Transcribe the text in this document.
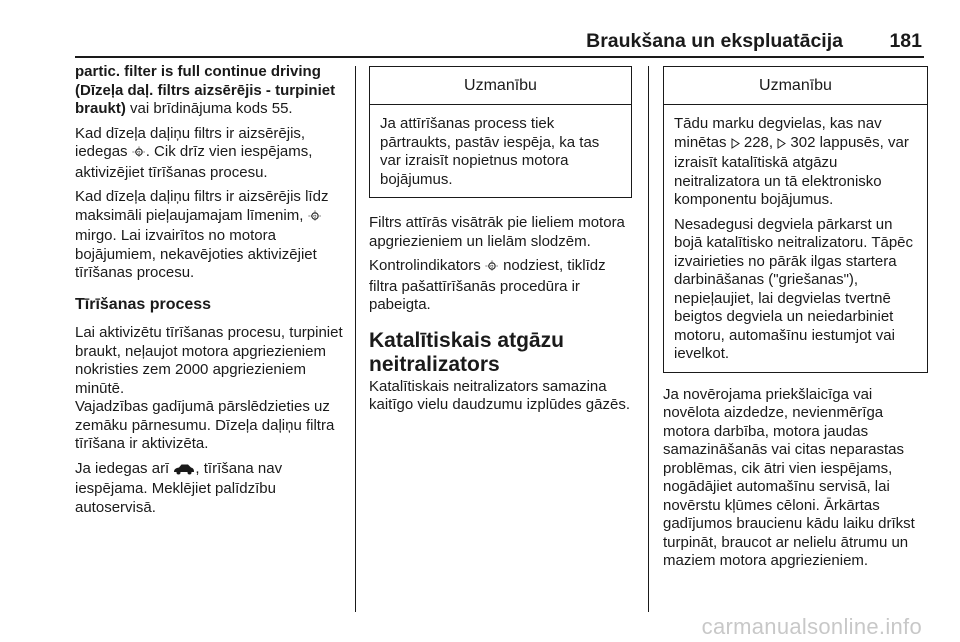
Braukšana un ekspluatācija 181

partic. filter is full continue driving (Dīzeļa daļ. filtrs aizsērējis - turpiniet braukt) vai brīdinājuma kods 55.

Kad dīzeļa daļiņu filtrs ir aizsērējis, iedegas . Cik drīz vien iespējams, aktivizējiet tīrīšanas procesu.

Kad dīzeļa daļiņu filtrs ir aizsērējis līdz maksimāli pieļaujamajam līmenim,  mirgo. Lai izvairītos no motora bojājumiem, nekavējoties aktivizējiet tīrīšanas procesu.

Tīrīšanas process

Lai aktivizētu tīrīšanas procesu, turpiniet braukt, neļaujot motora apgriezieniem nokristies zem 2000 apgriezieniem minūtē.

Vajadzības gadījumā pārslēdzieties uz zemāku pārnesumu. Dīzeļa daļiņu filtra tīrīšana ir aktivizēta.

Ja iedegas arī , tīrīšana nav iespējama. Meklējiet palīdzību autoservisā.

Uzmanību

Ja attīrīšanas process tiek pārtraukts, pastāv iespēja, ka tas var izraisīt nopietnus motora bojājumus.

Filtrs attīrās visātrāk pie lieliem motora apgriezieniem un lielām slodzēm.

Kontrolindikators  nodziest, tiklīdz filtra pašattīrīšanās procedūra ir pabeigta.

Katalītiskais atgāzu neitralizators

Katalītiskais neitralizators samazina kaitīgo vielu daudzumu izplūdes gāzēs.

Uzmanību

Tādu marku degvielas, kas nav minētas  228,  302 lappusēs, var izraisīt katalītiskā atgāzu neitralizatora un tā elektronisko komponentu bojājumus.

Nesadegusi degviela pārkarst un bojā katalītisko neitralizatoru. Tāpēc izvairieties no pārāk ilgas startera darbināšanas ("griešanas"), nepieļaujiet, lai degvielas tvertnē beigtos degviela un neiedarbiniet motoru, automašīnu iestumjot vai ievelkot.

Ja novērojama priekšlaicīga vai novēlota aizdedze, nevienmērīga motora darbība, motora jaudas samazināšanās vai citas neparastas problēmas, cik ātri vien iespējams, nogādājiet automašīnu servisā, lai novērstu kļūmes cēloni. Ārkārtas gadījumos braucienu kādu laiku drīkst turpināt, braucot ar nelielu ātrumu un maziem motora apgriezieniem.

carmanualsonline.info
